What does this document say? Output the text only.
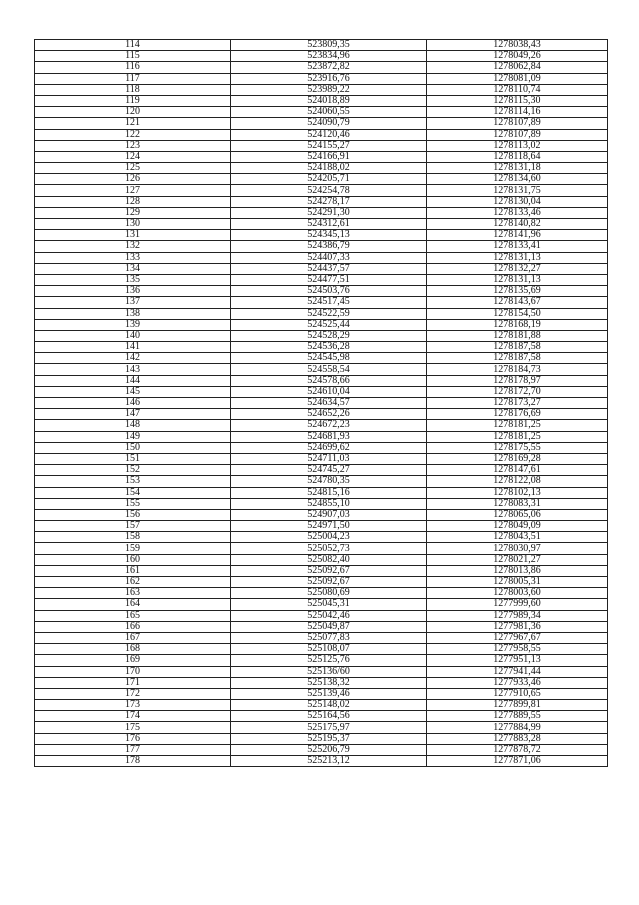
114	523809,35	1278038,43
115	523834,96	1278049,26
116	523872,82	1278062,84
117	523916,76	1278081,09
118	523989,22	1278110,74
119	524018,89	1278115,30
120	524060,55	1278114,16
121	524090,79	1278107,89
122	524120,46	1278107,89
123	524155,27	1278113,02
124	524166,91	1278118,64
125	524188,02	1278131,18
126	524205,71	1278134,60
127	524254,78	1278131,75
128	524278,17	1278130,04
129	524291,30	1278133,46
130	524312,61	1278140,82
131	524345,13	1278141,96
132	524386,79	1278133,41
133	524407,33	1278131,13
134	524437,57	1278132,27
135	524477,51	1278131,13
136	524503,76	1278135,69
137	524517,45	1278143,67
138	524522,59	1278154,50
139	524525,44	1278168,19
140	524528,29	1278181,88
141	524536,28	1278187,58
142	524545,98	1278187,58
143	524558,54	1278184,73
144	524578,66	1278178,97
145	524610,04	1278172,70
146	524634,57	1278173,27
147	524652,26	1278176,69
148	524672,23	1278181,25
149	524681,93	1278181,25
150	524699,62	1278175,55
151	524711,03	1278169,28
152	524745,27	1278147,61
153	524780,35	1278122,08
154	524815,16	1278102,13
155	524855,10	1278083,31
156	524907,03	1278065,06
157	524971,50	1278049,09
158	525004,23	1278043,51
159	525052,73	1278030,97
160	525082,40	1278021,27
161	525092,67	1278013,86
162	525092,67	1278005,31
163	525080,69	1278003,60
164	525045,31	1277999,60
165	525042,46	1277989,34
166	525049,87	1277981,36
167	525077,83	1277967,67
168	525108,07	1277958,55
169	525125,76	1277951,13
170	525136/60	1277941,44
171	525138,32	1277933,46
172	525139,46	1277910,65
173	525148,02	1277899,81
174	525164,56	1277889,55
175	525175,97	1277884,99
176	525195,37	1277883,28
177	525206,79	1277878,72
178	525213,12	1277871,06
